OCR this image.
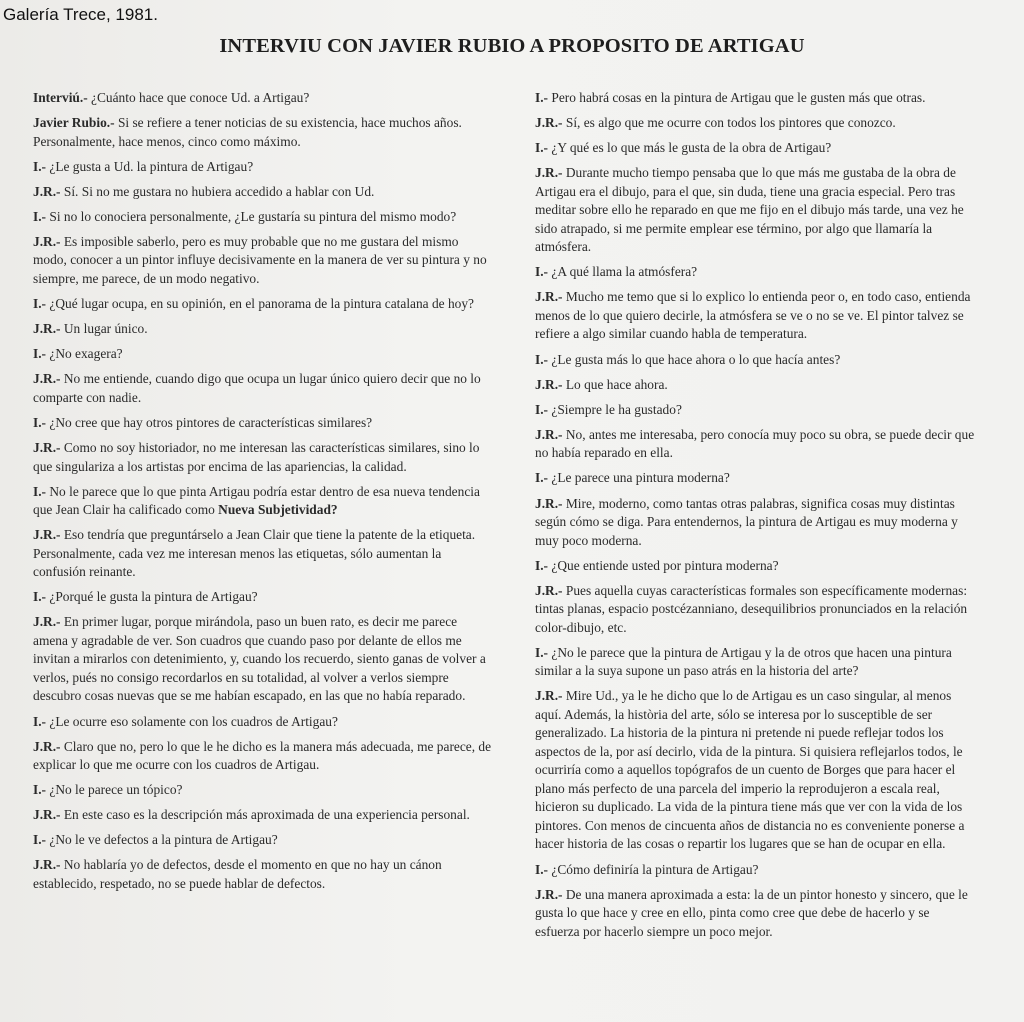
Galería Trece, 1981.

INTERVIU CON JAVIER RUBIO A PROPOSITO DE ARTIGAU

Interviú.- ¿Cuánto hace que conoce Ud. a Artigau?

Javier Rubio.- Si se refiere a tener noticias de su existencia, hace muchos años. Personalmente, hace menos, cinco como máximo.

I.- ¿Le gusta a Ud. la pintura de Artigau?

J.R.- Sí. Si no me gustara no hubiera accedido a hablar con Ud.

I.- Si no lo conociera personalmente, ¿Le gustaría su pintura del mismo modo?

J.R.- Es imposible saberlo, pero es muy probable que no me gustara del mismo modo, conocer a un pintor influye decisivamente en la manera de ver su pintura y no siempre, me parece, de un modo negativo.

I.- ¿Qué lugar ocupa, en su opinión, en el panorama de la pintura catalana de hoy?

J.R.- Un lugar único.

I.- ¿No exagera?

J.R.- No me entiende, cuando digo que ocupa un lugar único quiero decir que no lo comparte con nadie.

I.- ¿No cree que hay otros pintores de características similares?

J.R.- Como no soy historiador, no me interesan las características similares, sino lo que singulariza a los artistas por encima de las apariencias, la calidad.

I.- No le parece que lo que pinta Artigau podría estar dentro de esa nueva tendencia que Jean Clair ha calificado como Nueva Subjetividad?

J.R.- Eso tendría que preguntárselo a Jean Clair que tiene la patente de la etiqueta. Personalmente, cada vez me interesan menos las etiquetas, sólo aumentan la confusión reinante.

I.- ¿Porqué le gusta la pintura de Artigau?

J.R.- En primer lugar, porque mirándola, paso un buen rato, es decir me parece amena y agradable de ver. Son cuadros que cuando paso por delante de ellos me invitan a mirarlos con detenimiento, y, cuando los recuerdo, siento ganas de volver a verlos, pués no consigo recordarlos en su totalidad, al volver a verlos siempre descubro cosas nuevas que se me habían escapado, en las que no había reparado.

I.- ¿Le ocurre eso solamente con los cuadros de Artigau?

J.R.- Claro que no, pero lo que le he dicho es la manera más adecuada, me parece, de explicar lo que me ocurre con los cuadros de Artigau.

I.- ¿No le parece un tópico?

J.R.- En este caso es la descripción más aproximada de una experiencia personal.

I.- ¿No le ve defectos a la pintura de Artigau?

J.R.- No hablaría yo de defectos, desde el momento en que no hay un cánon establecido, respetado, no se puede hablar de defectos.

I.- Pero habrá cosas en la pintura de Artigau que le gusten más que otras.

J.R.- Sí, es algo que me ocurre con todos los pintores que conozco.

I.- ¿Y qué es lo que más le gusta de la obra de Artigau?

J.R.- Durante mucho tiempo pensaba que lo que más me gustaba de la obra de Artigau era el dibujo, para el que, sin duda, tiene una gracia especial. Pero tras meditar sobre ello he reparado en que me fijo en el dibujo más tarde, una vez he sido atrapado, si me permite emplear ese término, por algo que llamaría la atmósfera.

I.- ¿A qué llama la atmósfera?

J.R.- Mucho me temo que si lo explico lo entienda peor o, en todo caso, entienda menos de lo que quiero decirle, la atmósfera se ve o no se ve. El pintor talvez se refiere a algo similar cuando habla de temperatura.

I.- ¿Le gusta más lo que hace ahora o lo que hacía antes?

J.R.- Lo que hace ahora.

I.- ¿Siempre le ha gustado?

J.R.- No, antes me interesaba, pero conocía muy poco su obra, se puede decir que no había reparado en ella.

I.- ¿Le parece una pintura moderna?

J.R.- Mire, moderno, como tantas otras palabras, significa cosas muy distintas según cómo se diga. Para entendernos, la pintura de Artigau es muy moderna y muy poco moderna.

I.- ¿Que entiende usted por pintura moderna?

J.R.- Pues aquella cuyas características formales son específicamente modernas: tintas planas, espacio postcézanniano, desequilibrios pronunciados en la relación color-dibujo, etc.

I.- ¿No le parece que la pintura de Artigau y la de otros que hacen una pintura similar a la suya supone un paso atrás en la historia del arte?

J.R.- Mire Ud., ya le he dicho que lo de Artigau es un caso singular, al menos aquí. Además, la història del arte, sólo se interesa por lo susceptible de ser generalizado. La historia de la pintura ni pretende ni puede reflejar todos los aspectos de la, por así decirlo, vida de la pintura. Si quisiera reflejarlos todos, le ocurriría como a aquellos topógrafos de un cuento de Borges que para hacer el plano más perfecto de una parcela del imperio la reprodujeron a escala real, hicieron su duplicado. La vida de la pintura tiene más que ver con la vida de los pintores. Con menos de cincuenta años de distancia no es conveniente ponerse a hacer historia de las cosas o repartir los lugares que se han de ocupar en ella.

I.- ¿Cómo definiría la pintura de Artigau?

J.R.- De una manera aproximada a esta: la de un pintor honesto y sincero, que le gusta lo que hace y cree en ello, pinta como cree que debe de hacerlo y se esfuerza por hacerlo siempre un poco mejor.
